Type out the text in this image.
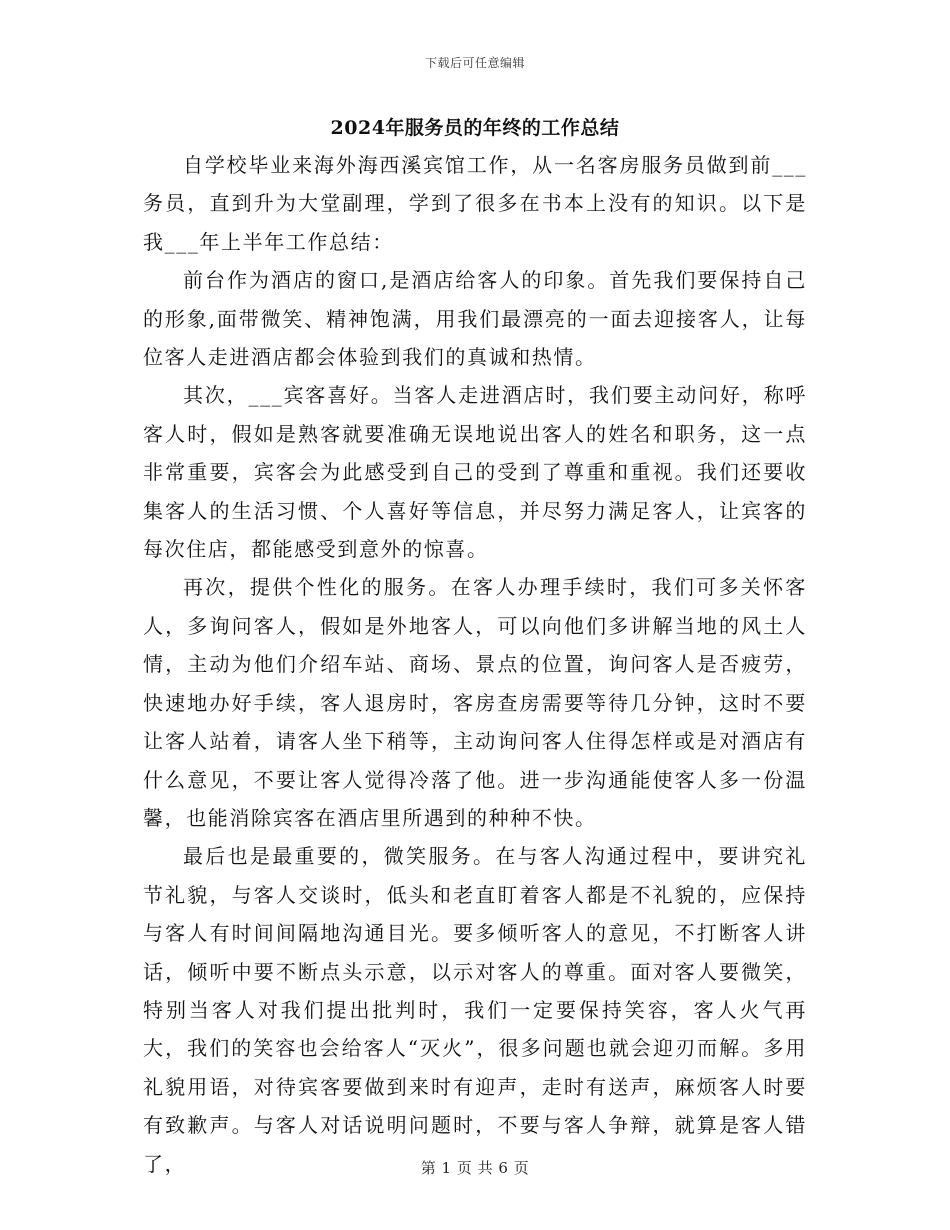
下载后可任意编辑
2024年服务员的年终的工作总结

自学校毕业来海外海西溪宾馆工作，从一名客房服务员做到前___务员，直到升为大堂副理，学到了很多在书本上没有的知识。以下是我___年上半年工作总结：

前台作为酒店的窗口,是酒店给客人的印象。首先我们要保持自己的形象,面带微笑、精神饱满，用我们最漂亮的一面去迎接客人，让每位客人走进酒店都会体验到我们的真诚和热情。

其次，___宾客喜好。当客人走进酒店时，我们要主动问好，称呼客人时，假如是熟客就要准确无误地说出客人的姓名和职务，这一点非常重要，宾客会为此感受到自己的受到了尊重和重视。我们还要收集客人的生活习惯、个人喜好等信息，并尽努力满足客人，让宾客的每次住店，都能感受到意外的惊喜。

再次，提供个性化的服务。在客人办理手续时，我们可多关怀客人，多询问客人，假如是外地客人，可以向他们多讲解当地的风土人情，主动为他们介绍车站、商场、景点的位置，询问客人是否疲劳，快速地办好手续，客人退房时，客房查房需要等待几分钟，这时不要让客人站着，请客人坐下稍等，主动询问客人住得怎样或是对酒店有什么意见，不要让客人觉得冷落了他。进一步沟通能使客人多一份温馨，也能消除宾客在酒店里所遇到的种种不快。

最后也是最重要的，微笑服务。在与客人沟通过程中，要讲究礼节礼貌，与客人交谈时，低头和老直盯着客人都是不礼貌的，应保持与客人有时间间隔地沟通目光。要多倾听客人的意见，不打断客人讲话，倾听中要不断点头示意，以示对客人的尊重。面对客人要微笑，特别当客人对我们提出批判时，我们一定要保持笑容，客人火气再大，我们的笑容也会给客人“灭火”，很多问题也就会迎刃而解。多用礼貌用语，对待宾客要做到来时有迎声，走时有送声，麻烦客人时要有致歉声。与客人对话说明问题时，不要与客人争辩，就算是客人错了，	第 1 页 共 6 页
